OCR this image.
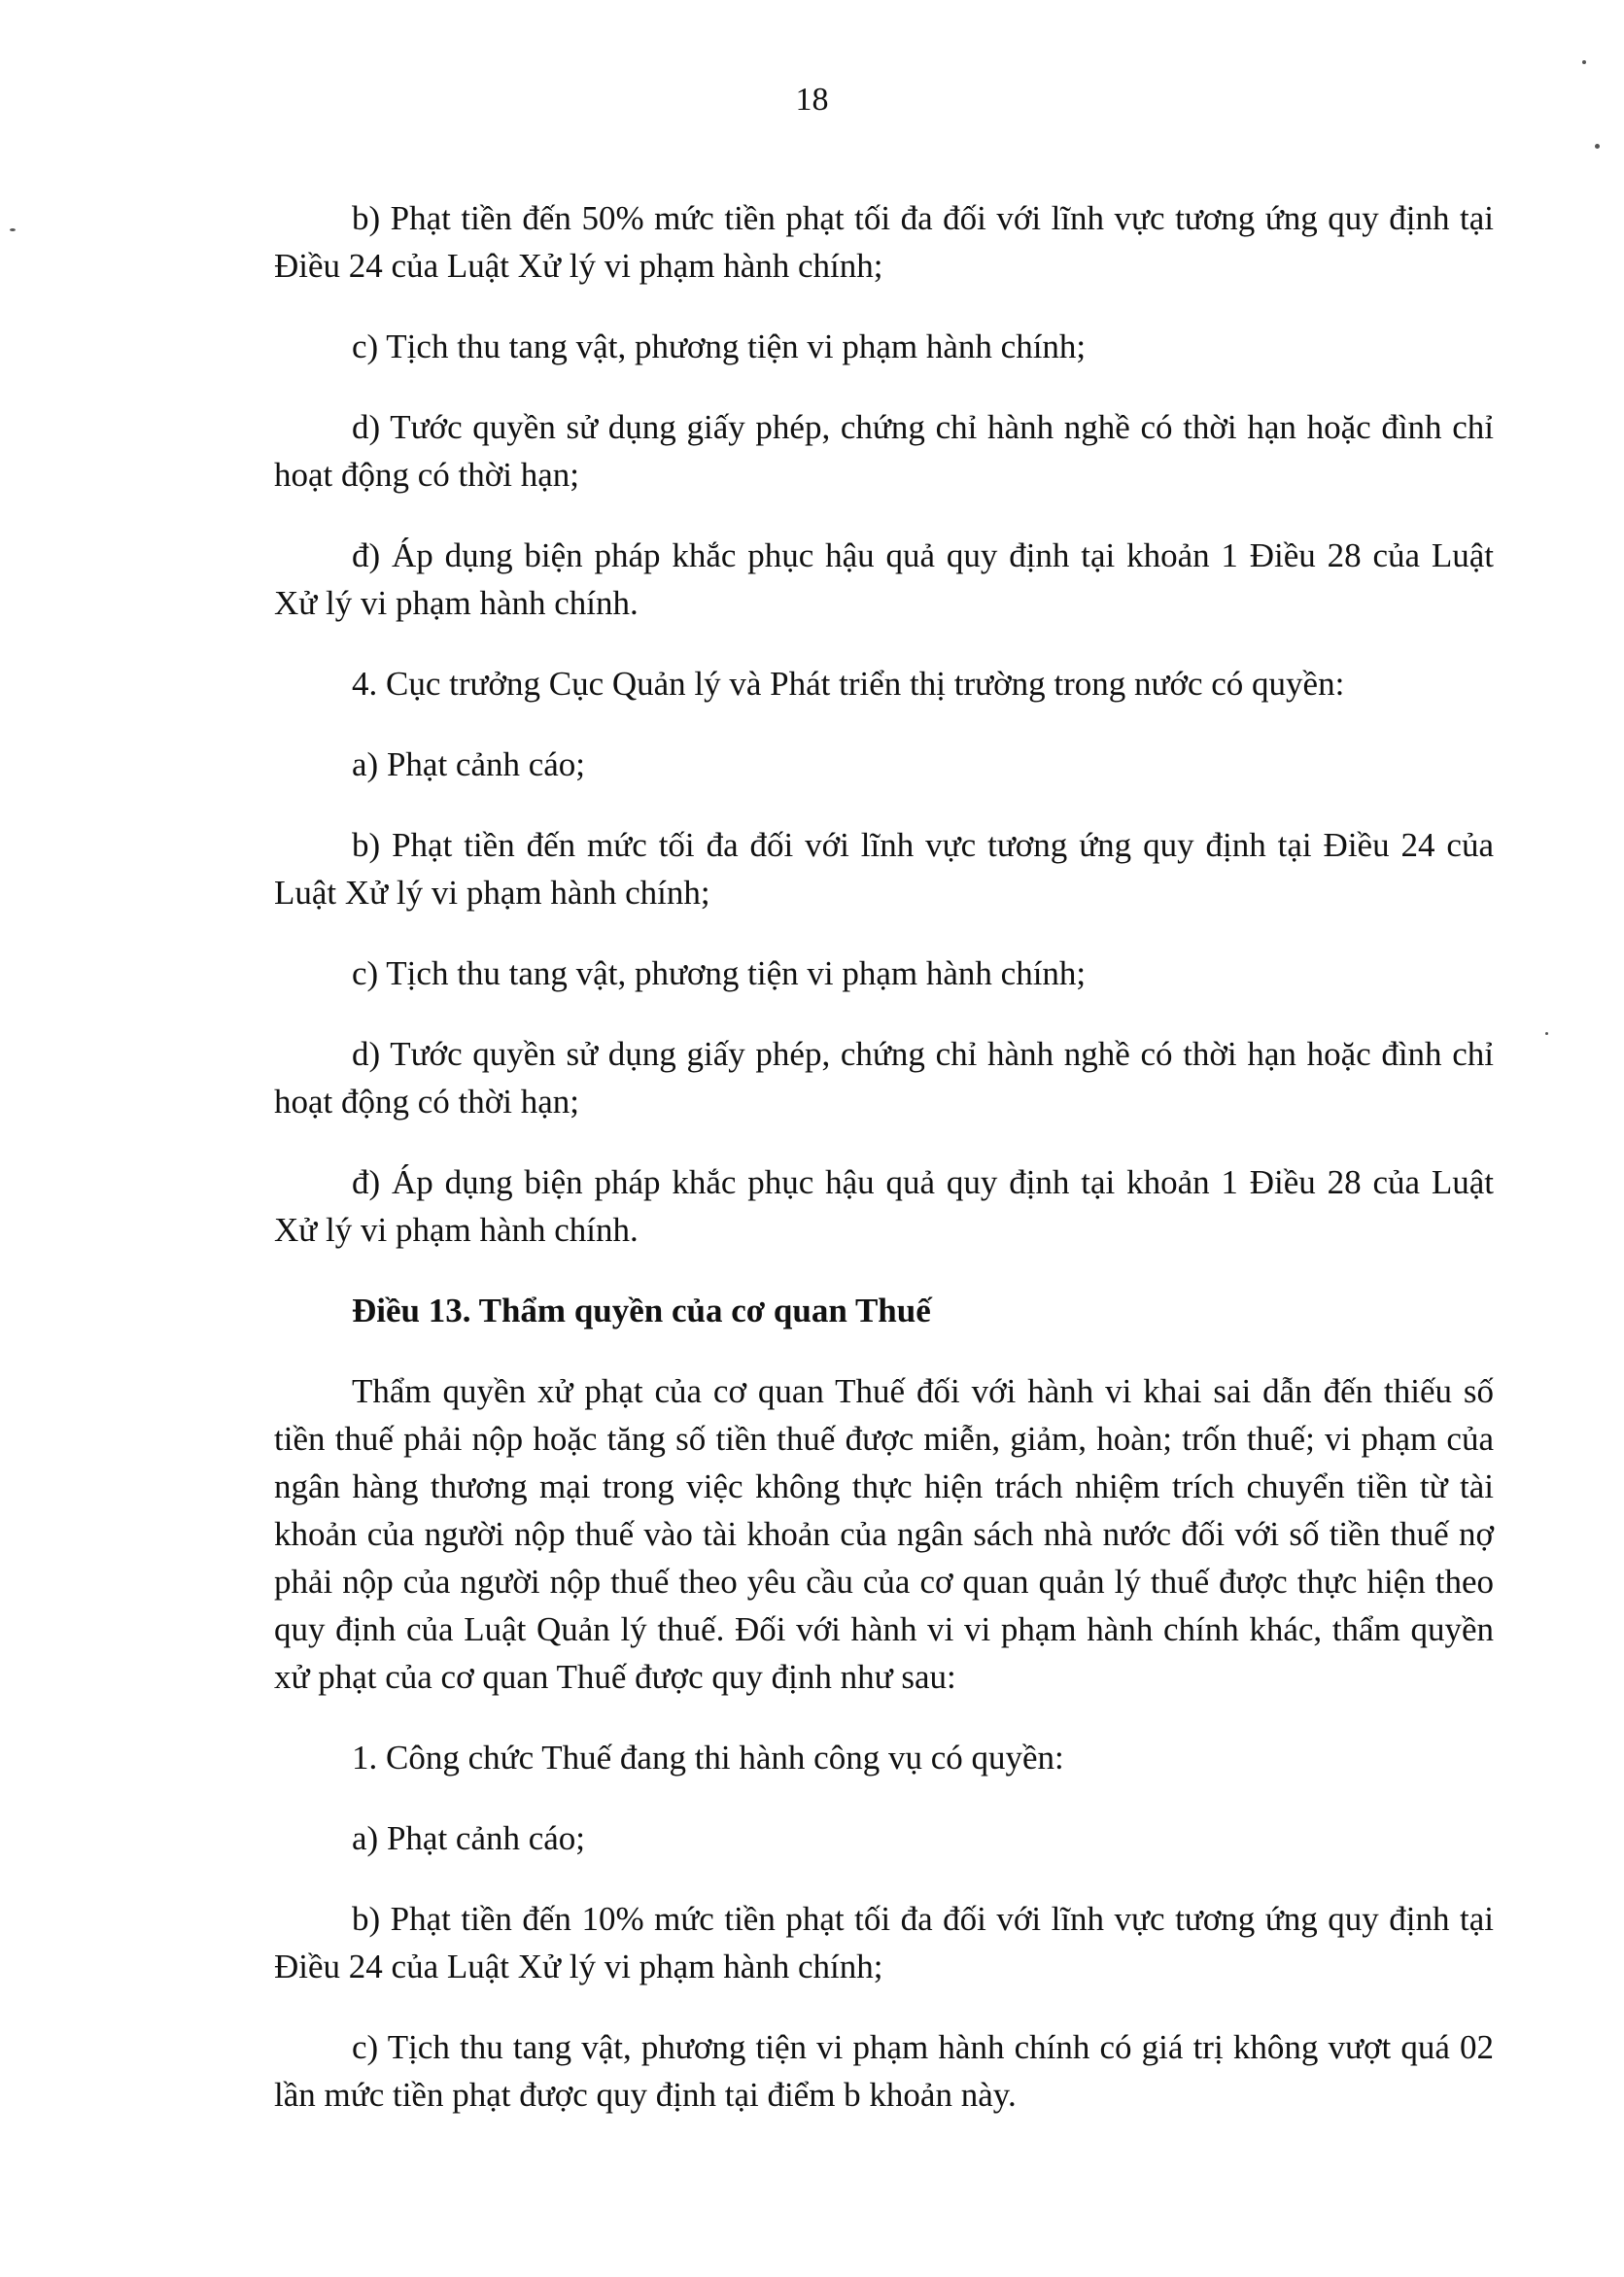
18

b) Phạt tiền đến 50% mức tiền phạt tối đa đối với lĩnh vực tương ứng quy định tại Điều 24 của Luật Xử lý vi phạm hành chính;

c) Tịch thu tang vật, phương tiện vi phạm hành chính;

d) Tước quyền sử dụng giấy phép, chứng chỉ hành nghề có thời hạn hoặc đình chỉ hoạt động có thời hạn;

đ) Áp dụng biện pháp khắc phục hậu quả quy định tại khoản 1 Điều 28 của Luật Xử lý vi phạm hành chính.

4. Cục trưởng Cục Quản lý và Phát triển thị trường trong nước có quyền:

a) Phạt cảnh cáo;

b) Phạt tiền đến mức tối đa đối với lĩnh vực tương ứng quy định tại Điều 24 của Luật Xử lý vi phạm hành chính;

c) Tịch thu tang vật, phương tiện vi phạm hành chính;

d) Tước quyền sử dụng giấy phép, chứng chỉ hành nghề có thời hạn hoặc đình chỉ hoạt động có thời hạn;

đ) Áp dụng biện pháp khắc phục hậu quả quy định tại khoản 1 Điều 28 của Luật Xử lý vi phạm hành chính.

Điều 13. Thẩm quyền của cơ quan Thuế

Thẩm quyền xử phạt của cơ quan Thuế đối với hành vi khai sai dẫn đến thiếu số tiền thuế phải nộp hoặc tăng số tiền thuế được miễn, giảm, hoàn; trốn thuế; vi phạm của ngân hàng thương mại trong việc không thực hiện trách nhiệm trích chuyển tiền từ tài khoản của người nộp thuế vào tài khoản của ngân sách nhà nước đối với số tiền thuế nợ phải nộp của người nộp thuế theo yêu cầu của cơ quan quản lý thuế được thực hiện theo quy định của Luật Quản lý thuế. Đối với hành vi vi phạm hành chính khác, thẩm quyền xử phạt của cơ quan Thuế được quy định như sau:

1. Công chức Thuế đang thi hành công vụ có quyền:

a) Phạt cảnh cáo;

b) Phạt tiền đến 10% mức tiền phạt tối đa đối với lĩnh vực tương ứng quy định tại Điều 24 của Luật Xử lý vi phạm hành chính;

c) Tịch thu tang vật, phương tiện vi phạm hành chính có giá trị không vượt quá 02 lần mức tiền phạt được quy định tại điểm b khoản này.
